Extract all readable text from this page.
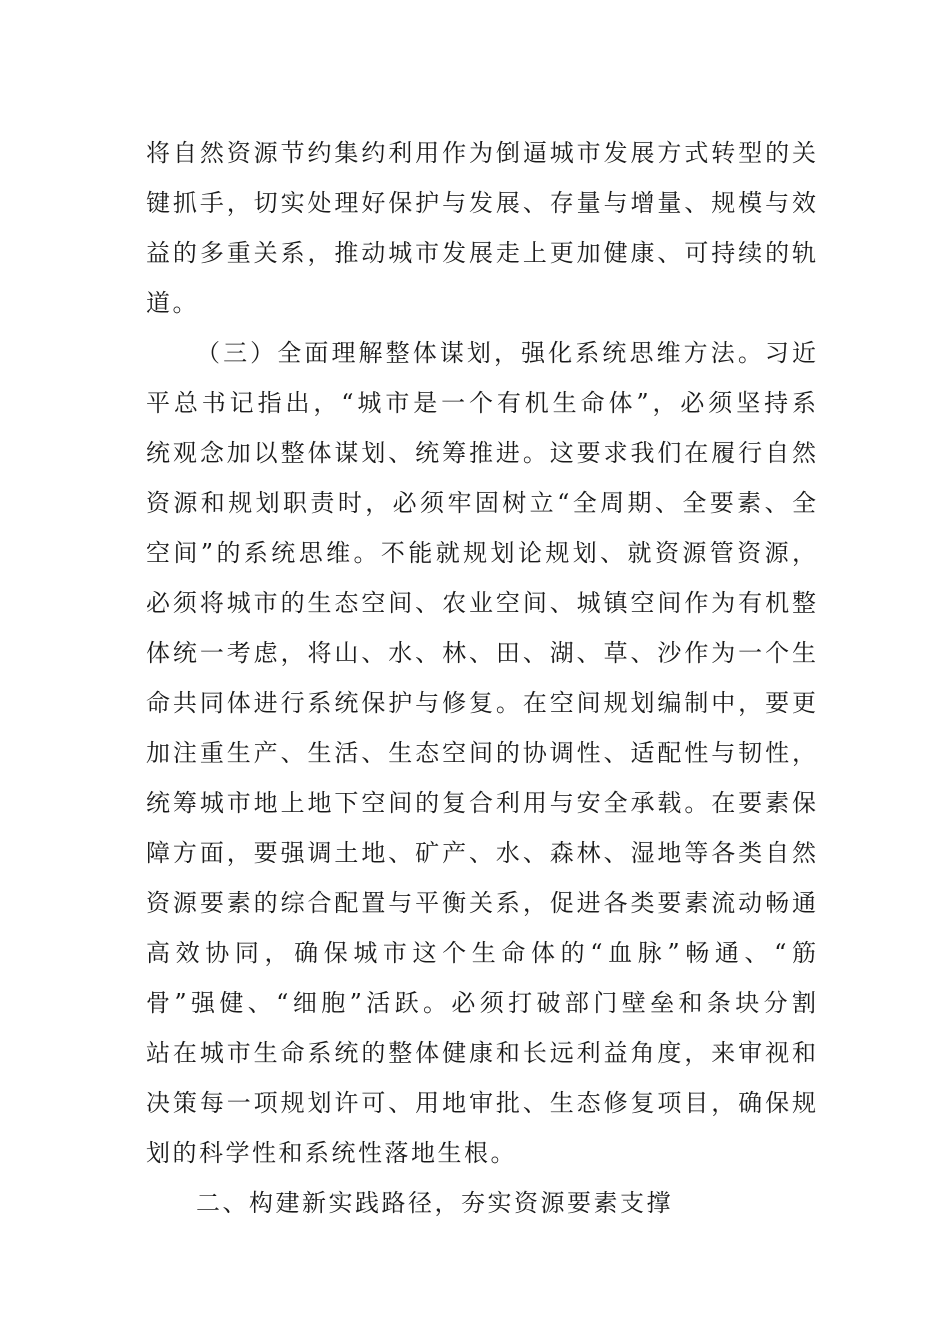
将自然资源节约集约利用作为倒逼城市发展方式转型的关
键抓手，切实处理好保护与发展、存量与增量、规模与效
益的多重关系，推动城市发展走上更加健康、可持续的轨
道。
（三）全面理解整体谋划，强化系统思维方法。习近
平总书记指出，“城市是一个有机生命体”，必须坚持系
统观念加以整体谋划、统筹推进。这要求我们在履行自然
资源和规划职责时，必须牢固树立“全周期、全要素、全
空间”的系统思维。不能就规划论规划、就资源管资源，
必须将城市的生态空间、农业空间、城镇空间作为有机整
体统一考虑，将山、水、林、田、湖、草、沙作为一个生
命共同体进行系统保护与修复。在空间规划编制中，要更
加注重生产、生活、生态空间的协调性、适配性与韧性，
统筹城市地上地下空间的复合利用与安全承载。在要素保
障方面，要强调土地、矿产、水、森林、湿地等各类自然
资源要素的综合配置与平衡关系，促进各类要素流动畅通
高效协同，确保城市这个生命体的“血脉”畅通、“筋
骨”强健、“细胞”活跃。必须打破部门壁垒和条块分割
站在城市生命系统的整体健康和长远利益角度，来审视和
决策每一项规划许可、用地审批、生态修复项目，确保规
划的科学性和系统性落地生根。
二、构建新实践路径，夯实资源要素支撑
